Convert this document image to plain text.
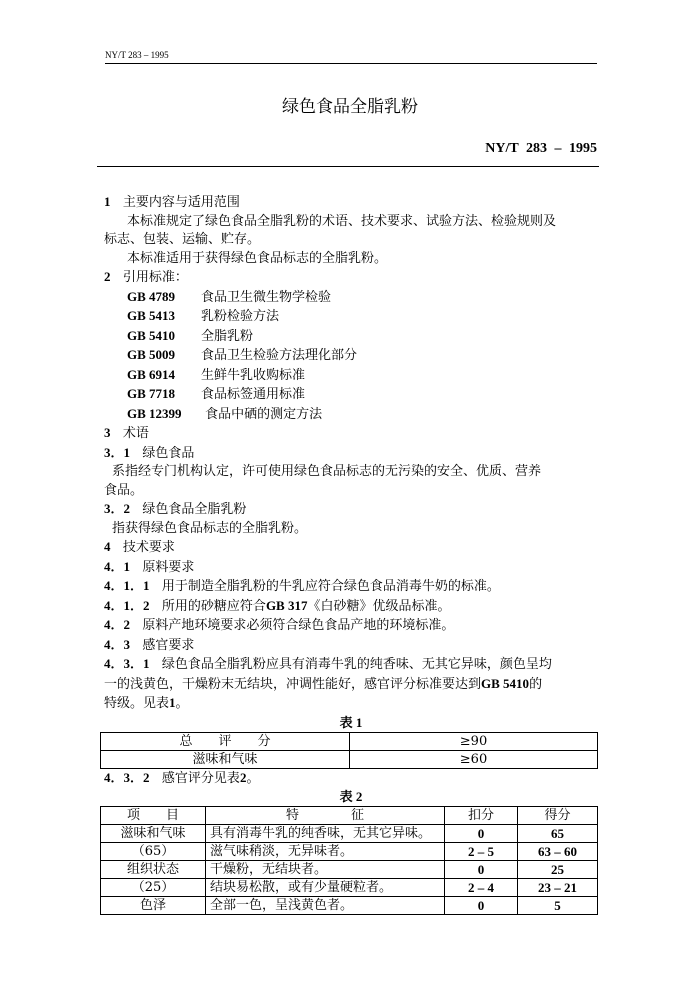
NY/T 283 – 1995
绿色食品全脂乳粉
NY/T 283 – 1995
1 主要内容与适用范围
本标准规定了绿色食品全脂乳粉的术语、技术要求、试验方法、检验规则及
标志、包装、运输、贮存。
本标准适用于获得绿色食品标志的全脂乳粉。
2 引用标准：
GB 4789 食品卫生微生物学检验
GB 5413 乳粉检验方法
GB 5410 全脂乳粉
GB 5009 食品卫生检验方法理化部分
GB 6914 生鲜牛乳收购标准
GB 7718 食品标签通用标准
GB 12399 食品中硒的测定方法
3 术语
3．1 绿色食品
系指经专门机构认定，许可使用绿色食品标志的无污染的安全、优质、营养
食品。
3．2 绿色食品全脂乳粉
指获得绿色食品标志的全脂乳粉。
4 技术要求
4．1 原料要求
4．1．1 用于制造全脂乳粉的牛乳应符合绿色食品消毒牛奶的标准。
4．1．2 所用的砂糖应符合GB 317《白砂糖》优级品标准。
4．2 原料产地环境要求必须符合绿色食品产地的环境标准。
4．3 感官要求
4．3．1 绿色食品全脂乳粉应具有消毒牛乳的纯香味、无其它异味，颜色呈均
一的浅黄色，干燥粉末无结块，冲调性能好，感官评分标准要达到GB 5410的
特级。见表1。
表 1
总　　评　　分	≥90
滋味和气味	≥60
4．3．2 感官评分见表2。
表 2
项　　目	特　　　　征	扣分	得分
滋味和气味	具有消毒牛乳的纯香味，无其它异味。	0	65
（65）	滋气味稍淡，无异味者。	2 – 5	63 – 60
组织状态	干燥粉，无结块者。	0	25
（25）	结块易松散，或有少量硬粒者。	2 – 4	23 – 21
色泽	全部一色，呈浅黄色者。	0	5
